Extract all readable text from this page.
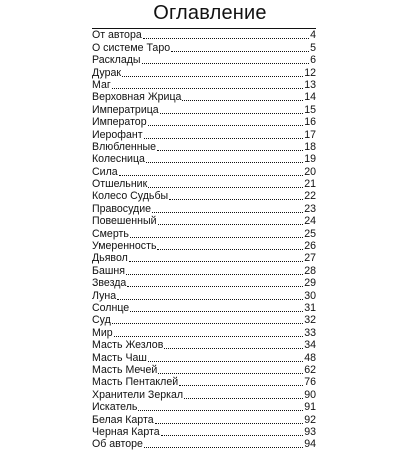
Оглавление
От автора	4
О системе Таро	5
Расклады	6
Дурак	12
Маг	13
Верховная Жрица	14
Императрица	15
Император	16
Иерофант	17
Влюбленные	18
Колесница	19
Сила	20
Отшельник	21
Колесо Судьбы	22
Правосудие	23
Повешенный	24
Смерть	25
Умеренность	26
Дьявол	27
Башня	28
Звезда	29
Луна	30
Солнце	31
Суд	32
Мир	33
Масть Жезлов	34
Масть Чаш	48
Масть Мечей	62
Масть Пентаклей	76
Хранители Зеркал	90
Искатель	91
Белая Карта	92
Черная Карта	93
Об авторе	94
